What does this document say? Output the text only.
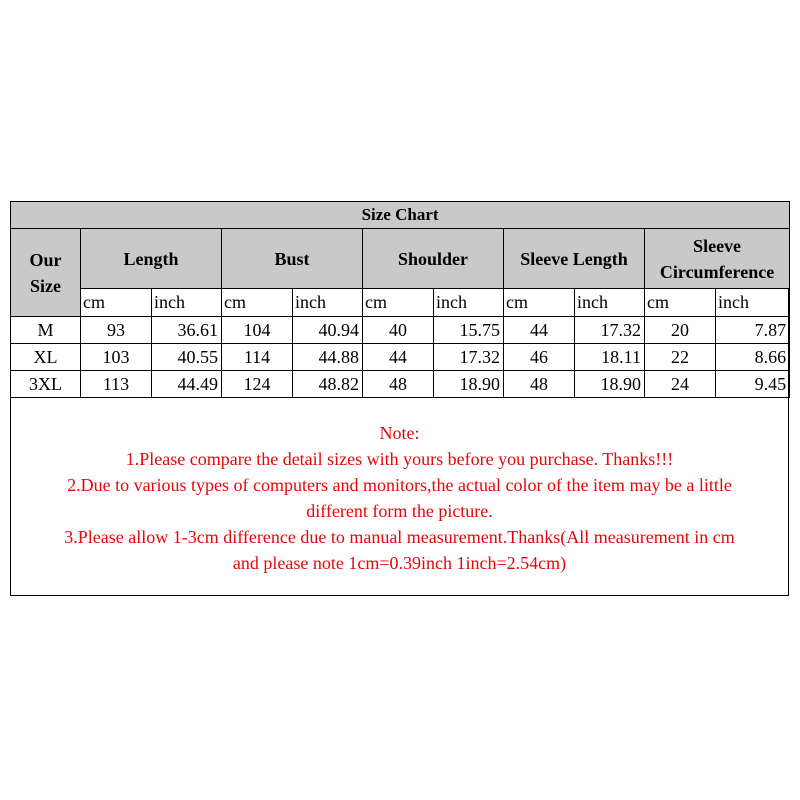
Size Chart										
Our
Size	Length		Bust		Shoulder		Sleeve Length		Sleeve
Circumference	
	cm	inch	cm	inch	cm	inch	cm	inch	cm	inch
M	93	36.61	104	40.94	40	15.75	44	17.32	20	7.87
XL	103	40.55	114	44.88	44	17.32	46	18.11	22	8.66
3XL	113	44.49	124	48.82	48	18.90	48	18.90	24	9.45
Note:
1.Please compare the detail sizes with yours before you purchase. Thanks!!!
2.Due to various types of computers and monitors,the actual color of the item may be a little
different form the picture.
3.Please allow 1-3cm difference due to manual measurement.Thanks(All measurement in cm
and please note 1cm=0.39inch 1inch=2.54cm)
